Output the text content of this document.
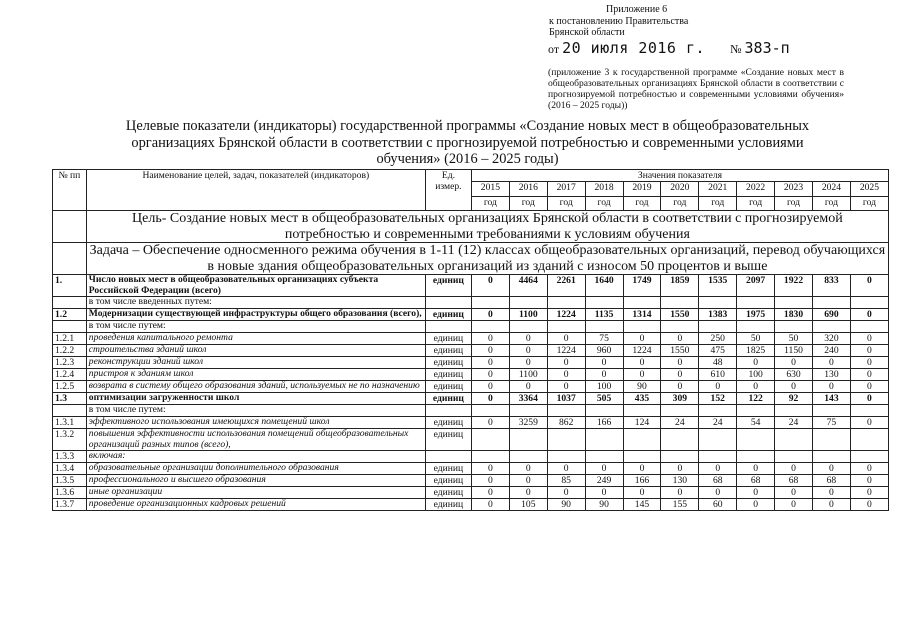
Приложение 6
к постановлению Правительства
Брянской области
от 20 июля 2016 г. № 383-п
(приложение 3 к государственной программе «Создание новых мест в общеобразовательных организациях Брянской области в соответствии с прогнозируемой потребностью и современными условиями обучения» (2016 – 2025 годы))
Целевые показатели (индикаторы) государственной программы «Создание новых мест в общеобразовательных организациях Брянской области в соответствии с прогнозируемой потребностью и современными условиями обучения» (2016 – 2025 годы)
№ пп	Наименование целей, задач, показателей (индикаторов)	Ед. измер.	Значения показателя										
			2015	2016	2017	2018	2019	2020	2021	2022	2023	2024	2025
			год	год	год	год	год	год	год	год	год	год	год
	Цель- Создание новых мест в общеобразовательных организациях Брянской области в соответствии с прогнозируемой потребностью и современными требованиями к условиям обучения												
	Задача – Обеспечение односменного режима обучения в 1-11 (12) классах общеобразовательных организаций, перевод обучающихся в новые здания общеобразовательных организаций из зданий с износом 50 процентов и выше												
1.	Число новых мест в общеобразовательных организациях субъекта Российской Федерации (всего)	единиц	0	4464	2261	1640	1749	1859	1535	2097	1922	833	0
	в том числе введенных путем:												
1.2	Модернизации существующей инфраструктуры общего образования (всего),	единиц	0	1100	1224	1135	1314	1550	1383	1975	1830	690	0
	в том числе путем:												
1.2.1	проведения капитального ремонта	единиц	0	0	0	75	0	0	250	50	50	320	0
1.2.2	строительства зданий школ	единиц	0	0	1224	960	1224	1550	475	1825	1150	240	0
1.2.3	реконструкции зданий школ	единиц	0	0	0	0	0	0	48	0	0	0	0
1.2.4	пристроя к зданиям школ	единиц	0	1100	0	0	0	0	610	100	630	130	0
1.2.5	возврата в систему общего образования зданий, используемых не по назначению	единиц	0	0	0	100	90	0	0	0	0	0	0
1.3	оптимизации загруженности школ	единиц	0	3364	1037	505	435	309	152	122	92	143	0
	в том числе путем:												
1.3.1	эффективного использования имеющихся помещений школ	единиц	0	3259	862	166	124	24	24	54	24	75	0
1.3.2	повышения эффективности использования помещений общеобразовательных организаций разных типов (всего),	единиц											
1.3.3	включая:												
1.3.4	образовательные организации дополнительного образования	единиц	0	0	0	0	0	0	0	0	0	0	0
1.3.5	профессионального и высшего образования	единиц	0	0	85	249	166	130	68	68	68	68	0
1.3.6	иные организации	единиц	0	0	0	0	0	0	0	0	0	0	0
1.3.7	проведение организационных кадровых решений	единиц	0	105	90	90	145	155	60	0	0	0	0
